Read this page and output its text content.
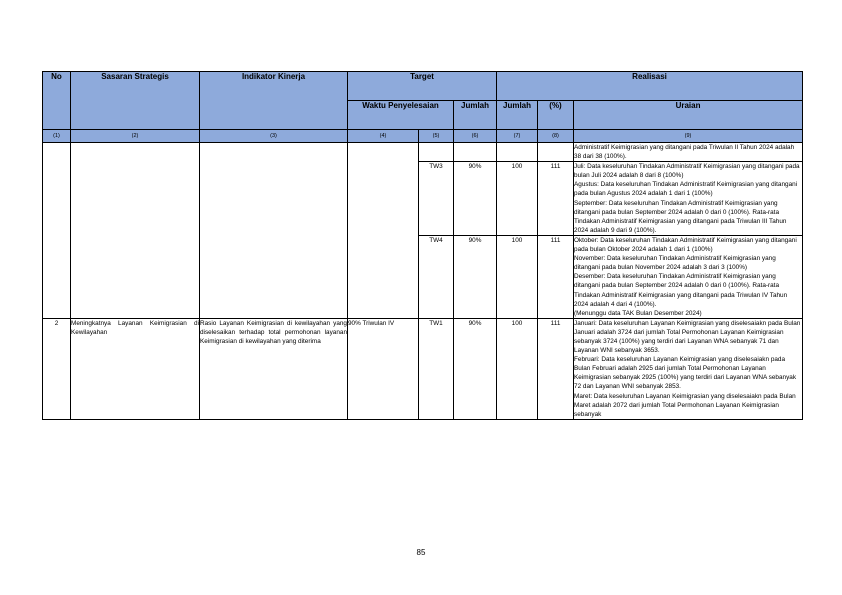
No	Sasaran Strategis	Indikator Kinerja	Target			Realisasi		
			Waktu Penyelesaian		Jumlah	Jumlah	(%)	Uraian
(1)	(2)	(3)	(4)	(5)	(6)	(7)	(8)	(9)

								Administratif Keimigrasian yang ditangani pada Triwulan II Tahun 2024 adalah 38 dari 38 (100%).

				TW3	90%	100	111	Juli: Data keseluruhan Tindakan Administratif Keimigrasian yang ditangani pada bulan Juli 2024 adalah 8 dari 8 (100%)
Agustus: Data keseluruhan Tindakan Administratif Keimigrasian yang ditangani pada bulan Agustus 2024 adalah 1 dari 1 (100%)
September: Data keseluruhan Tindakan Administratif Keimigrasian yang ditangani pada bulan September 2024 adalah 0 dari 0 (100%). Rata-rata Tindakan Administratif Keimigrasian yang ditangani pada Triwulan III Tahun 2024 adalah 9 dari 9 (100%).

				TW4	90%	100	111	Oktober: Data keseluruhan Tindakan Administratif Keimigrasian yang ditangani pada bulan Oktober 2024 adalah 1 dari 1 (100%)
November: Data keseluruhan Tindakan Administratif Keimigrasian yang ditangani pada bulan November 2024 adalah 3 dari 3 (100%)
Desember: Data keseluruhan Tindakan Administratif Keimigrasian yang ditangani pada bulan September 2024 adalah 0 dari 0 (100%). Rata-rata Tindakan Administratif Keimigrasian yang ditangani pada Triwulan IV Tahun 2024 adalah 4 dari 4 (100%).
(Menunggu data TAK Bulan Desember 2024)

2	Meningkatnya Layanan Keimigrasian di Kewilayahan	Rasio Layanan Keimigrasian di kewilayahan yang diselesaikan terhadap total permohonan layanan Keimigrasian di kewilayahan yang diterima	90% Triwulan IV	TW1	90%	100	111	Januari: Data keseluruhan Layanan Keimigrasian yang diselesaiakn pada Bulan Januari adalah 3724 dari jumlah Total Permohonan Layanan Keimigrasian sebanyak 3724 (100%) yang terdiri dari Layanan WNA sebanyak 71 dan Layanan WNI sebanyak 3653.
Februari: Data keseluruhan Layanan Keimigrasian yang diselesaiakn pada Bulan Februari adalah 2925 dari jumlah Total Permohonan Layanan Keimigrasian sebanyak 2925 (100%) yang terdiri dari Layanan WNA sebanyak 72 dan Layanan WNI sebanyak 2853.
Maret: Data keseluruhan Layanan Keimigrasian yang diselesaiakn pada Bulan Maret adalah 2072 dari jumlah Total Permohonan Layanan Keimigrasian sebanyak
85
